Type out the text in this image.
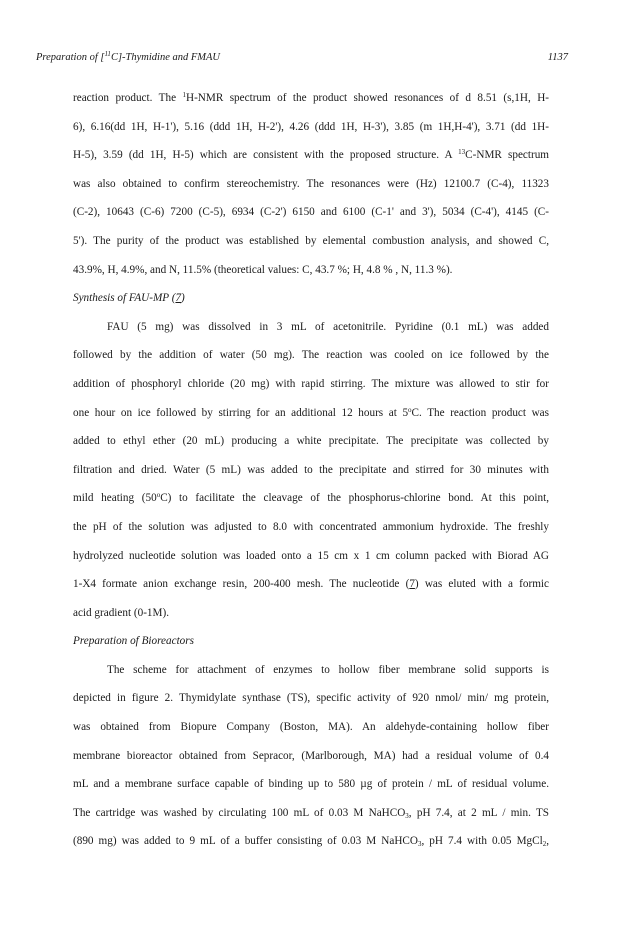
Preparation of [$^{11}$C]-Thymidine and FMAU	1137
reaction product. The $^1$H-NMR spectrum of the product showed resonances of d 8.51 (s,1H, H-
6), 6.16(dd 1H, H-1'), 5.16 (ddd 1H, H-2'), 4.26 (ddd 1H, H-3'), 3.85 (m 1H,H-4'), 3.71 (dd 1H-
H-5), 3.59 (dd 1H, H-5) which are consistent with the proposed structure. A $^{13}$C-NMR spectrum
was also obtained to confirm stereochemistry. The resonances were (Hz) 12100.7 (C-4), 11323
(C-2), 10643 (C-6) 7200 (C-5), 6934 (C-2') 6150 and 6100 (C-1' and 3'), 5034 (C-4'), 4145 (C-
5'). The purity of the product was established by elemental combustion analysis, and showed C,
43.9%, H, 4.9%, and N, 11.5% (theoretical values: C, 43.7 %; H, 4.8 % , N, 11.3 %).
Synthesis of FAU-MP (7)
FAU (5 mg) was dissolved in 3 mL of acetonitrile. Pyridine (0.1 mL) was added
followed by the addition of water (50 mg). The reaction was cooled on ice followed by the
addition of phosphoryl chloride (20 mg) with rapid stirring. The mixture was allowed to stir for
one hour on ice followed by stirring for an additional 12 hours at 5$^o$C. The reaction product was
added to ethyl ether (20 mL) producing a white precipitate. The precipitate was collected by
filtration and dried. Water (5 mL) was added to the precipitate and stirred for 30 minutes with
mild heating (50$^o$C) to facilitate the cleavage of the phosphorus-chlorine bond. At this point,
the pH of the solution was adjusted to 8.0 with concentrated ammonium hydroxide. The freshly
hydrolyzed nucleotide solution was loaded onto a 15 cm x 1 cm column packed with Biorad AG
1-X4 formate anion exchange resin, 200-400 mesh. The nucleotide (7) was eluted with a formic
acid gradient (0-1M).
Preparation of Bioreactors
The scheme for attachment of enzymes to hollow fiber membrane solid supports is
depicted in figure 2. Thymidylate synthase (TS), specific activity of 920 nmol/ min/ mg protein,
was obtained from Biopure Company (Boston, MA). An aldehyde-containing hollow fiber
membrane bioreactor obtained from Sepracor, (Marlborough, MA) had a residual volume of 0.4
mL and a membrane surface capable of binding up to 580 µg of protein / mL of residual volume.
The cartridge was washed by circulating 100 mL of 0.03 M NaHCO$_3$, pH 7.4, at 2 mL / min. TS
(890 mg) was added to 9 mL of a buffer consisting of 0.03 M NaHCO$_3$, pH 7.4 with 0.05 MgCl$_2$,
